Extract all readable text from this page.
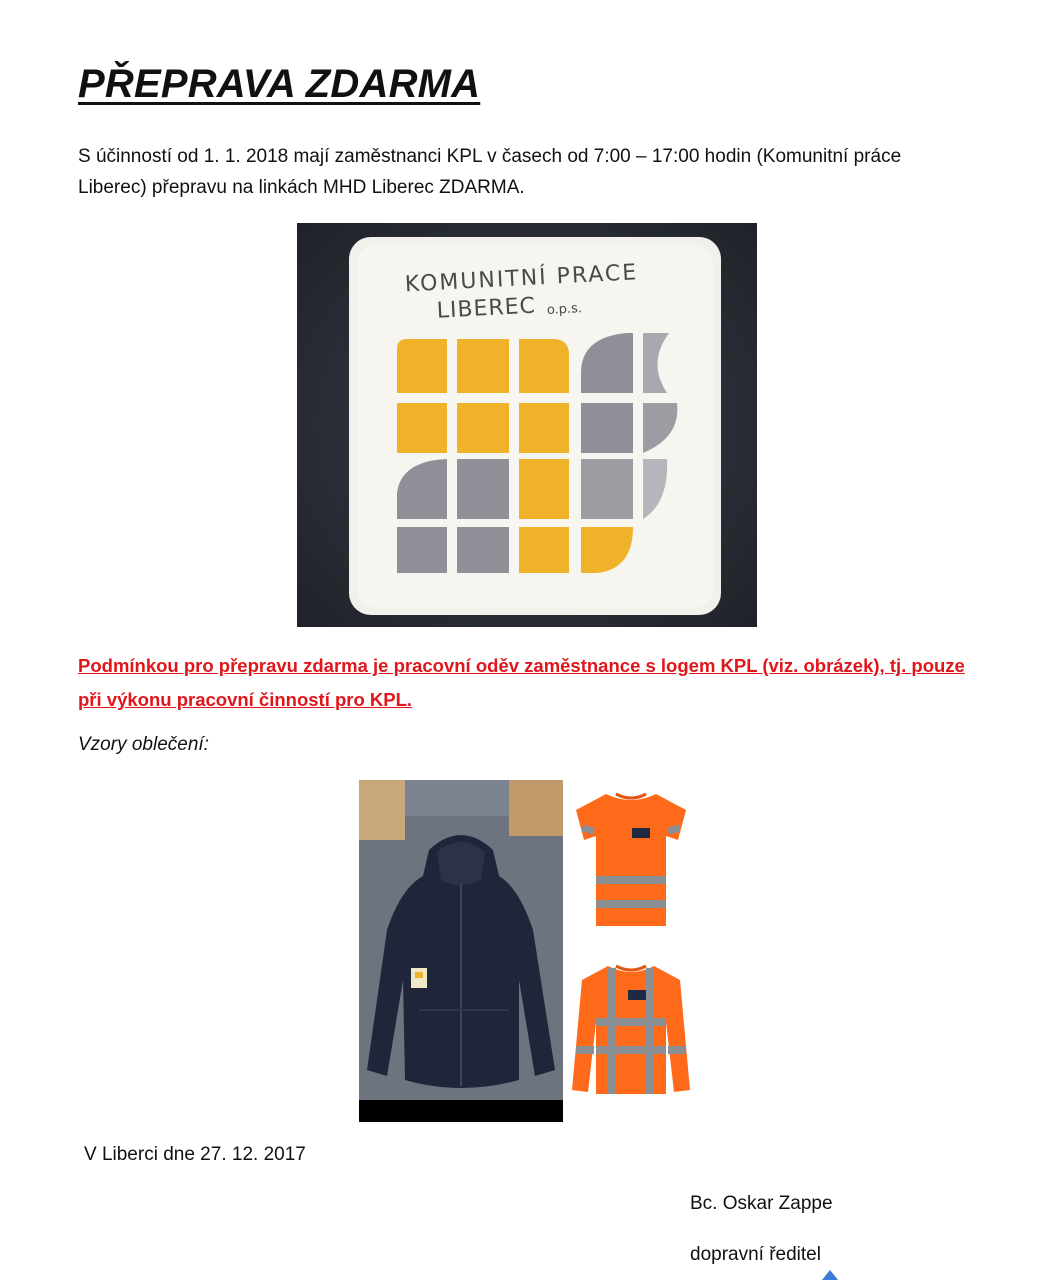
PŘEPRAVA ZDARMA
S účinností od 1. 1. 2018 mají zaměstnanci KPL v časech od 7:00 – 17:00 hodin (Komunitní práce
Liberec) přepravu na linkách MHD Liberec ZDARMA.
KOMUNITNÍ PRACE
LIBEREC o.p.s.
Podmínkou pro přepravu zdarma je pracovní oděv zaměstnance s logem KPL (viz. obrázek), tj. pouze
při výkonu pracovní činností pro KPL.

Vzory oblečení:

V Liberci dne 27. 12. 2017

Bc. Oskar Zappe

dopravní ředitel
